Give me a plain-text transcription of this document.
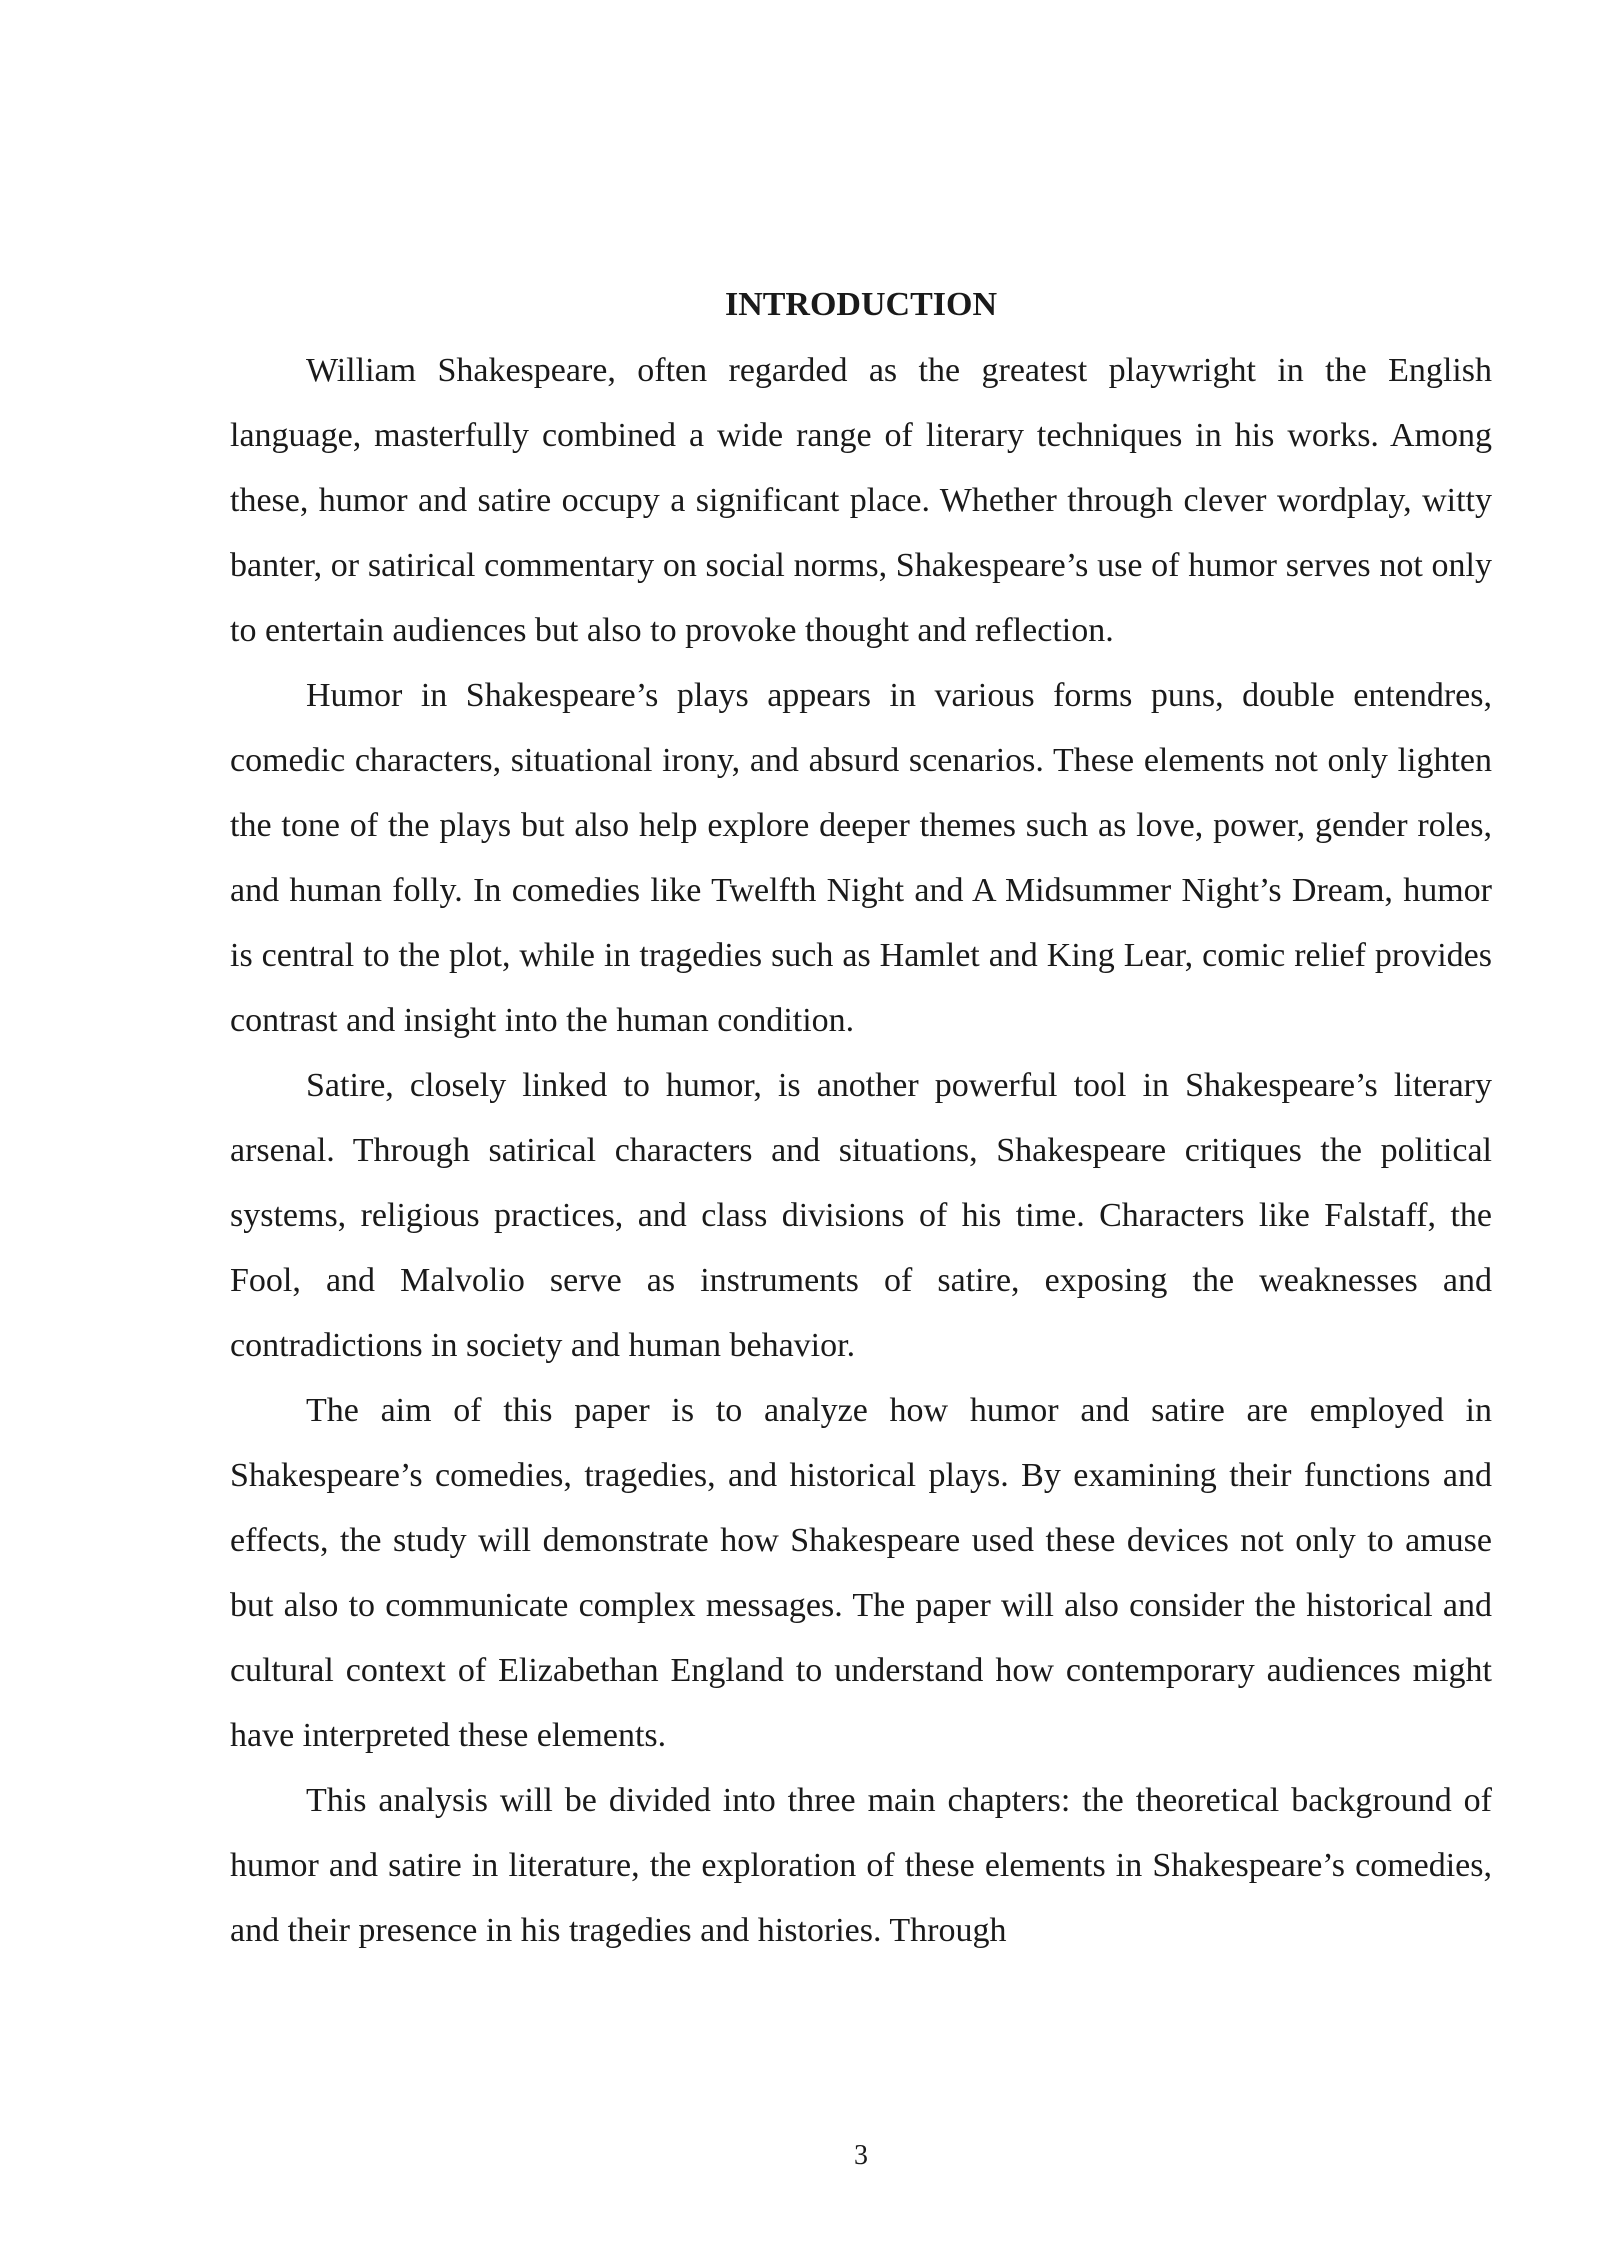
INTRODUCTION

William Shakespeare, often regarded as the greatest playwright in the English language, masterfully combined a wide range of literary techniques in his works. Among these, humor and satire occupy a significant place. Whether through clever wordplay, witty banter, or satirical commentary on social norms, Shakespeare’s use of humor serves not only to entertain audiences but also to provoke thought and reflection.

Humor in Shakespeare’s plays appears in various forms puns, double entendres, comedic characters, situational irony, and absurd scenarios. These elements not only lighten the tone of the plays but also help explore deeper themes such as love, power, gender roles, and human folly. In comedies like Twelfth Night and A Midsummer Night’s Dream, humor is central to the plot, while in tragedies such as Hamlet and King Lear, comic relief provides contrast and insight into the human condition.

Satire, closely linked to humor, is another powerful tool in Shakespeare’s literary arsenal. Through satirical characters and situations, Shakespeare critiques the political systems, religious practices, and class divisions of his time. Characters like Falstaff, the Fool, and Malvolio serve as instruments of satire, exposing the weaknesses and contradictions in society and human behavior.

The aim of this paper is to analyze how humor and satire are employed in Shakespeare’s comedies, tragedies, and historical plays. By examining their functions and effects, the study will demonstrate how Shakespeare used these devices not only to amuse but also to communicate complex messages. The paper will also consider the historical and cultural context of Elizabethan England to understand how contemporary audiences might have interpreted these elements.

This analysis will be divided into three main chapters: the theoretical background of humor and satire in literature, the exploration of these elements in Shakespeare’s comedies, and their presence in his tragedies and histories. Through

3
